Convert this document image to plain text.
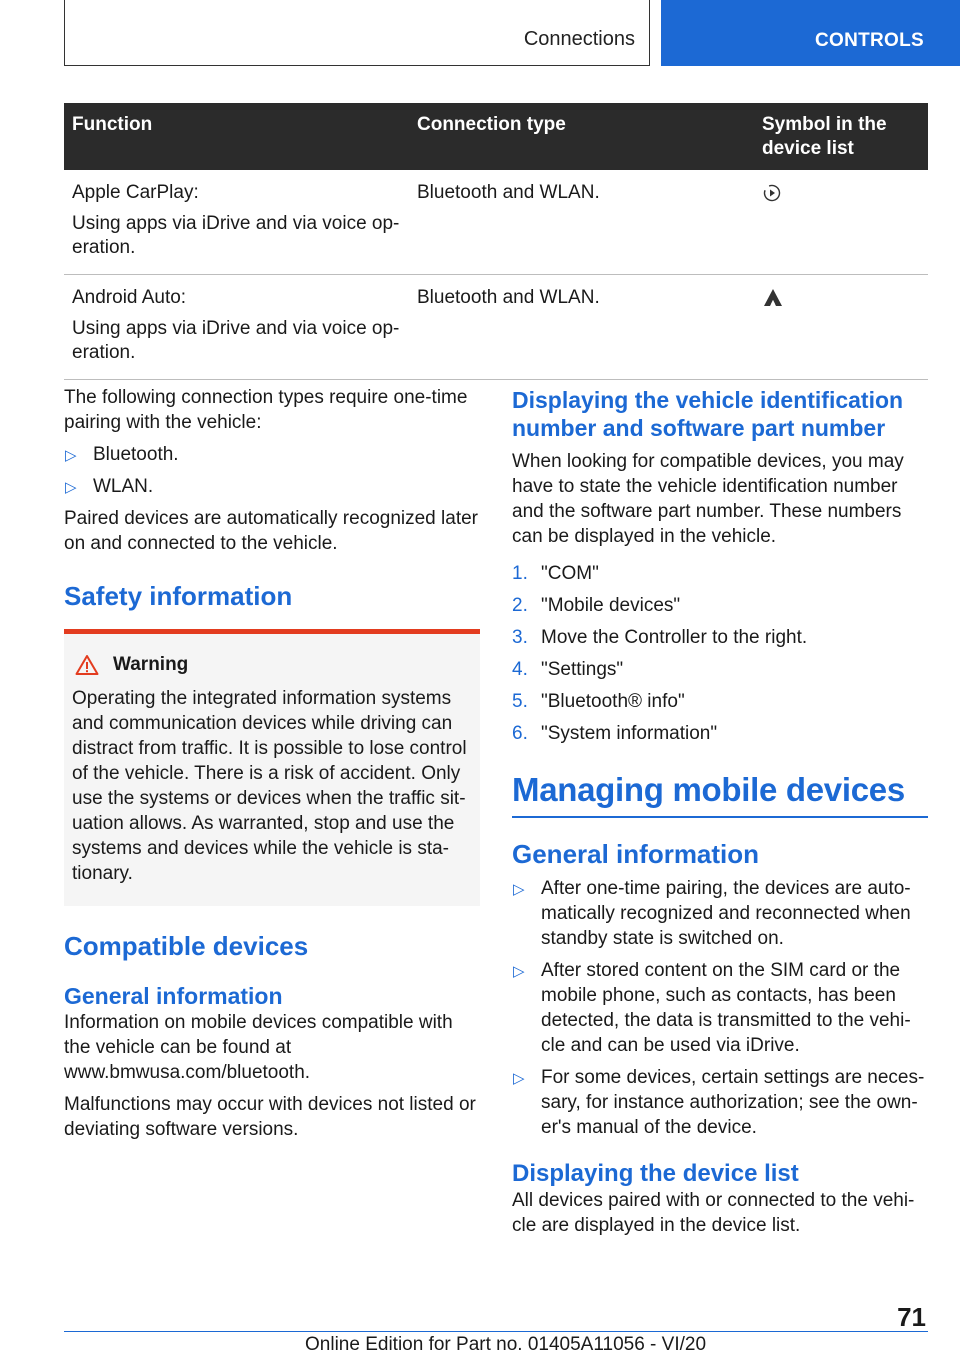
Connections	CONTROLS
Function	Connection type	Symbol in the device list

Apple CarPlay:

Using apps via iDrive and via voice op-eration.	Bluetooth and WLAN.	

Android Auto:

Using apps via iDrive and via voice op-eration.	Bluetooth and WLAN.	

The following connection types require one-time pairing with the vehicle:

▷ Bluetooth.
▷ WLAN.

Paired devices are automatically recognized later on and connected to the vehicle.

Safety information
Warning

Operating the integrated information systems and communication devices while driving can distract from traffic. It is possible to lose control of the vehicle. There is a risk of accident. Only use the systems or devices when the traffic sit-uation allows. As warranted, stop and use the systems and devices while the vehicle is sta-tionary.

Compatible devices
General information

Information on mobile devices compatible with the vehicle can be found at www.bmwusa.com/bluetooth.

Malfunctions may occur with devices not listed or deviating software versions.

Displaying the vehicle identification number and software part number

When looking for compatible devices, you may have to state the vehicle identification number and the software part number. These numbers can be displayed in the vehicle.

1. "COM"
2. "Mobile devices"
3. Move the Controller to the right.
4. "Settings"
5. "Bluetooth® info"
6. "System information"
Managing mobile devices
General information
▷ After one-time pairing, the devices are auto-matically recognized and reconnected when standby state is switched on.
▷ After stored content on the SIM card or the mobile phone, such as contacts, has been detected, the data is transmitted to the vehi-cle and can be used via iDrive.
▷ For some devices, certain settings are neces-sary, for instance authorization; see the own-er's manual of the device.
Displaying the device list

All devices paired with or connected to the vehi-cle are displayed in the device list.

71
Online Edition for Part no. 01405A11056 - VI/20
